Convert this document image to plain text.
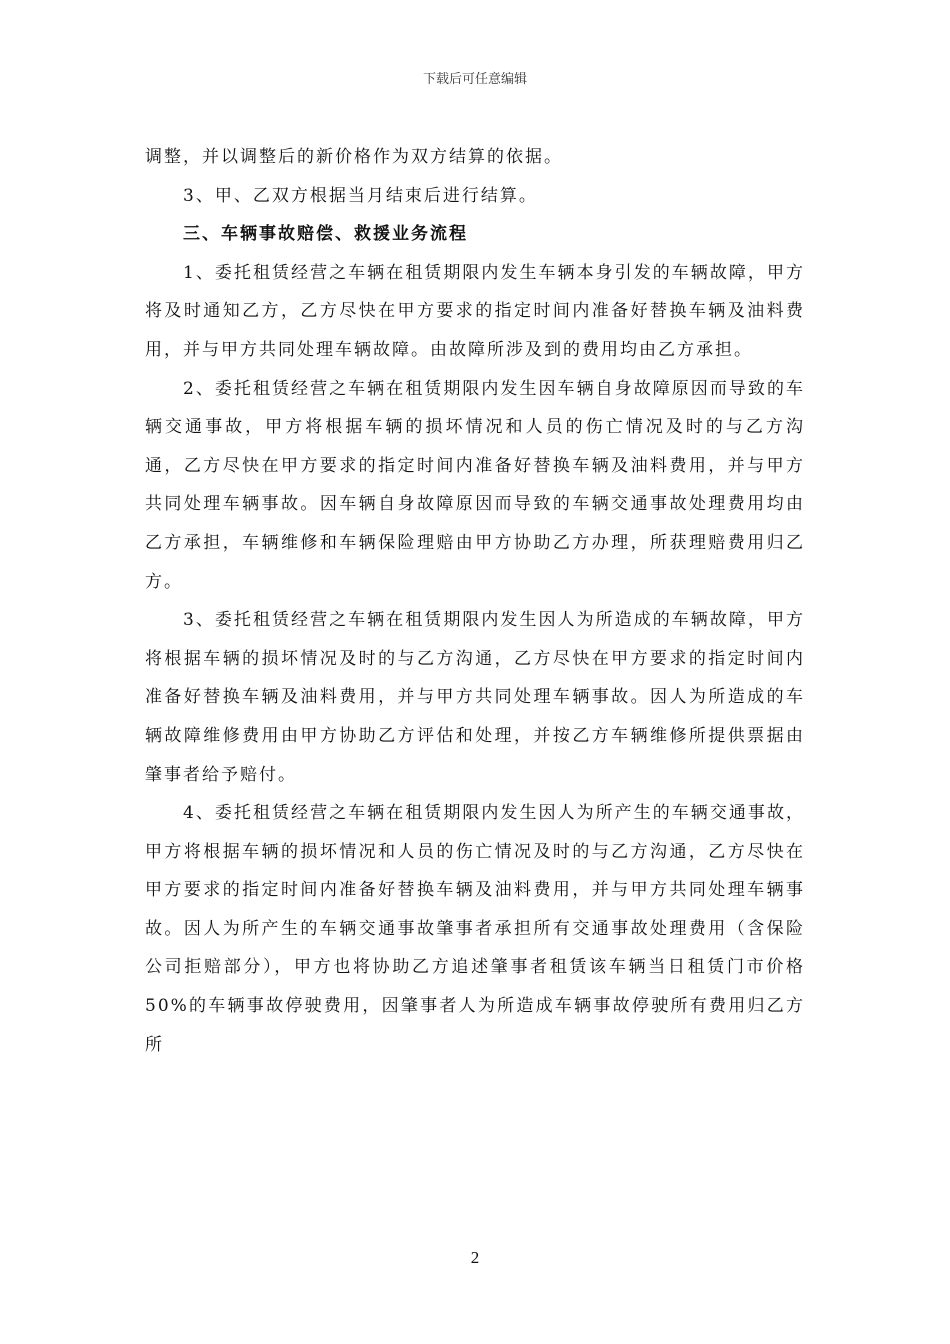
下载后可任意编辑

调整，并以调整后的新价格作为双方结算的依据。

3、甲、乙双方根据当月结束后进行结算。

三、车辆事故赔偿、救援业务流程

1、委托租赁经营之车辆在租赁期限内发生车辆本身引发的车辆故障，甲方将及时通知乙方，乙方尽快在甲方要求的指定时间内准备好替换车辆及油料费用，并与甲方共同处理车辆故障。由故障所涉及到的费用均由乙方承担。

2、委托租赁经营之车辆在租赁期限内发生因车辆自身故障原因而导致的车辆交通事故，甲方将根据车辆的损坏情况和人员的伤亡情况及时的与乙方沟通，乙方尽快在甲方要求的指定时间内准备好替换车辆及油料费用，并与甲方共同处理车辆事故。因车辆自身故障原因而导致的车辆交通事故处理费用均由乙方承担，车辆维修和车辆保险理赔由甲方协助乙方办理，所获理赔费用归乙方。

3、委托租赁经营之车辆在租赁期限内发生因人为所造成的车辆故障，甲方将根据车辆的损坏情况及时的与乙方沟通，乙方尽快在甲方要求的指定时间内准备好替换车辆及油料费用，并与甲方共同处理车辆事故。因人为所造成的车辆故障维修费用由甲方协助乙方评估和处理，并按乙方车辆维修所提供票据由肇事者给予赔付。

4、委托租赁经营之车辆在租赁期限内发生因人为所产生的车辆交通事故，甲方将根据车辆的损坏情况和人员的伤亡情况及时的与乙方沟通，乙方尽快在甲方要求的指定时间内准备好替换车辆及油料费用，并与甲方共同处理车辆事故。因人为所产生的车辆交通事故肇事者承担所有交通事故处理费用（含保险公司拒赔部分），甲方也将协助乙方追述肇事者租赁该车辆当日租赁门市价格50%的车辆事故停驶费用，因肇事者人为所造成车辆事故停驶所有费用归乙方所

2
